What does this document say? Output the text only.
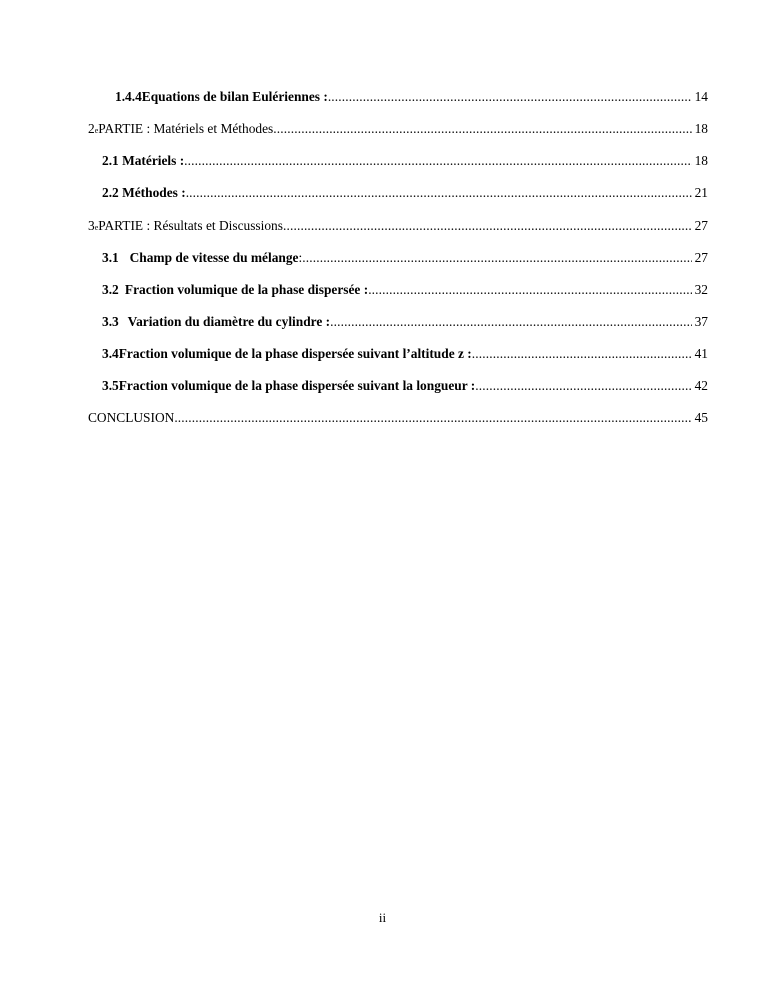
1.4.4 Equations de bilan Eulériennes : . . .	14
2 e PARTIE : Matériels et Méthodes . . .	18
2.1 Matériels : . . .	18
2.2 Méthodes : . . .	21
3 e PARTIE : Résultats et Discussions . . .	27
3.1 Champ de vitesse du mélange : . . .	27
3.2 Fraction volumique de la phase dispersée : . . .	32
3.3 Variation du diamètre du cylindre : . . .	37
3.4 Fraction volumique de la phase dispersée suivant l’altitude z : . . .	41
3.5 Fraction volumique de la phase dispersée suivant la longueur : . . .	42
CONCLUSION . . .	45
ii
